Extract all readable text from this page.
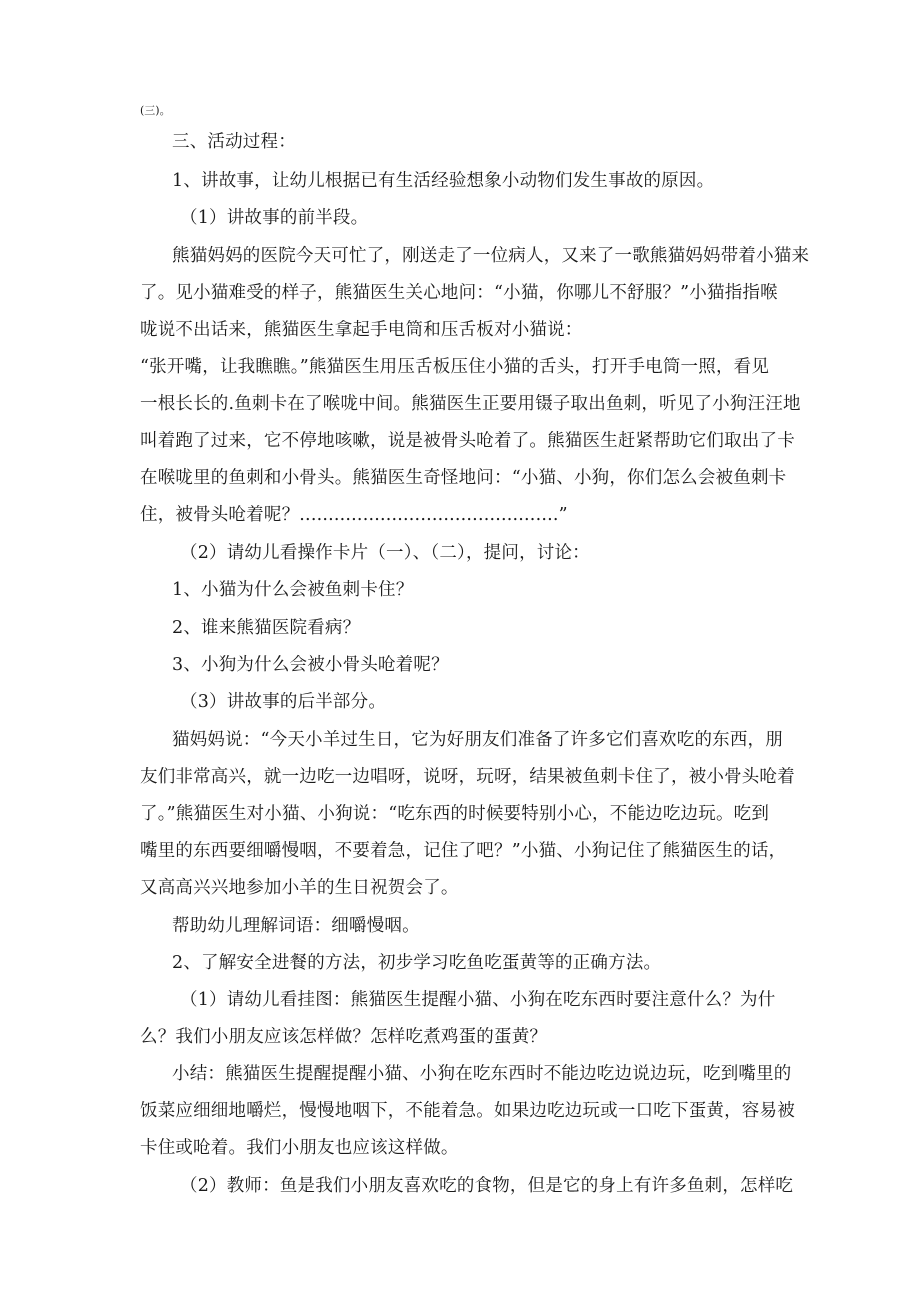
(三)。
三、活动过程：
1、讲故事，让幼儿根据已有生活经验想象小动物们发生事故的原因。
（1）讲故事的前半段。
熊猫妈妈的医院今天可忙了，刚送走了一位病人，又来了一歌熊猫妈妈带着小猫来
了。见小猫难受的样子，熊猫医生关心地问：“小猫，你哪儿不舒服？”小猫指指喉
咙说不出话来，熊猫医生拿起手电筒和压舌板对小猫说：
“张开嘴，让我瞧瞧。”熊猫医生用压舌板压住小猫的舌头，打开手电筒一照，看见
一根长长的.鱼刺卡在了喉咙中间。熊猫医生正要用镊子取出鱼刺，听见了小狗汪汪地
叫着跑了过来，它不停地咳嗽，说是被骨头呛着了。熊猫医生赶紧帮助它们取出了卡
在喉咙里的鱼刺和小骨头。熊猫医生奇怪地问：“小猫、小狗，你们怎么会被鱼刺卡
住，被骨头呛着呢？.............................................”
（2）请幼儿看操作卡片（一）、（二），提问，讨论：
1、小猫为什么会被鱼刺卡住？
2、谁来熊猫医院看病？
3、小狗为什么会被小骨头呛着呢？
（3）讲故事的后半部分。
猫妈妈说：“今天小羊过生日，它为好朋友们准备了许多它们喜欢吃的东西，朋
友们非常高兴，就一边吃一边唱呀，说呀，玩呀，结果被鱼刺卡住了，被小骨头呛着
了。”熊猫医生对小猫、小狗说：“吃东西的时候要特别小心，不能边吃边玩。吃到
嘴里的东西要细嚼慢咽，不要着急，记住了吧？”小猫、小狗记住了熊猫医生的话，
又高高兴兴地参加小羊的生日祝贺会了。
帮助幼儿理解词语：细嚼慢咽。
2、了解安全进餐的方法，初步学习吃鱼吃蛋黄等的正确方法。
（1）请幼儿看挂图：熊猫医生提醒小猫、小狗在吃东西时要注意什么？为什
么？我们小朋友应该怎样做？怎样吃煮鸡蛋的蛋黄？
小结：熊猫医生提醒提醒小猫、小狗在吃东西时不能边吃边说边玩，吃到嘴里的
饭菜应细细地嚼烂，慢慢地咽下，不能着急。如果边吃边玩或一口吃下蛋黄，容易被
卡住或呛着。我们小朋友也应该这样做。
（2）教师：鱼是我们小朋友喜欢吃的食物，但是它的身上有许多鱼刺，怎样吃
